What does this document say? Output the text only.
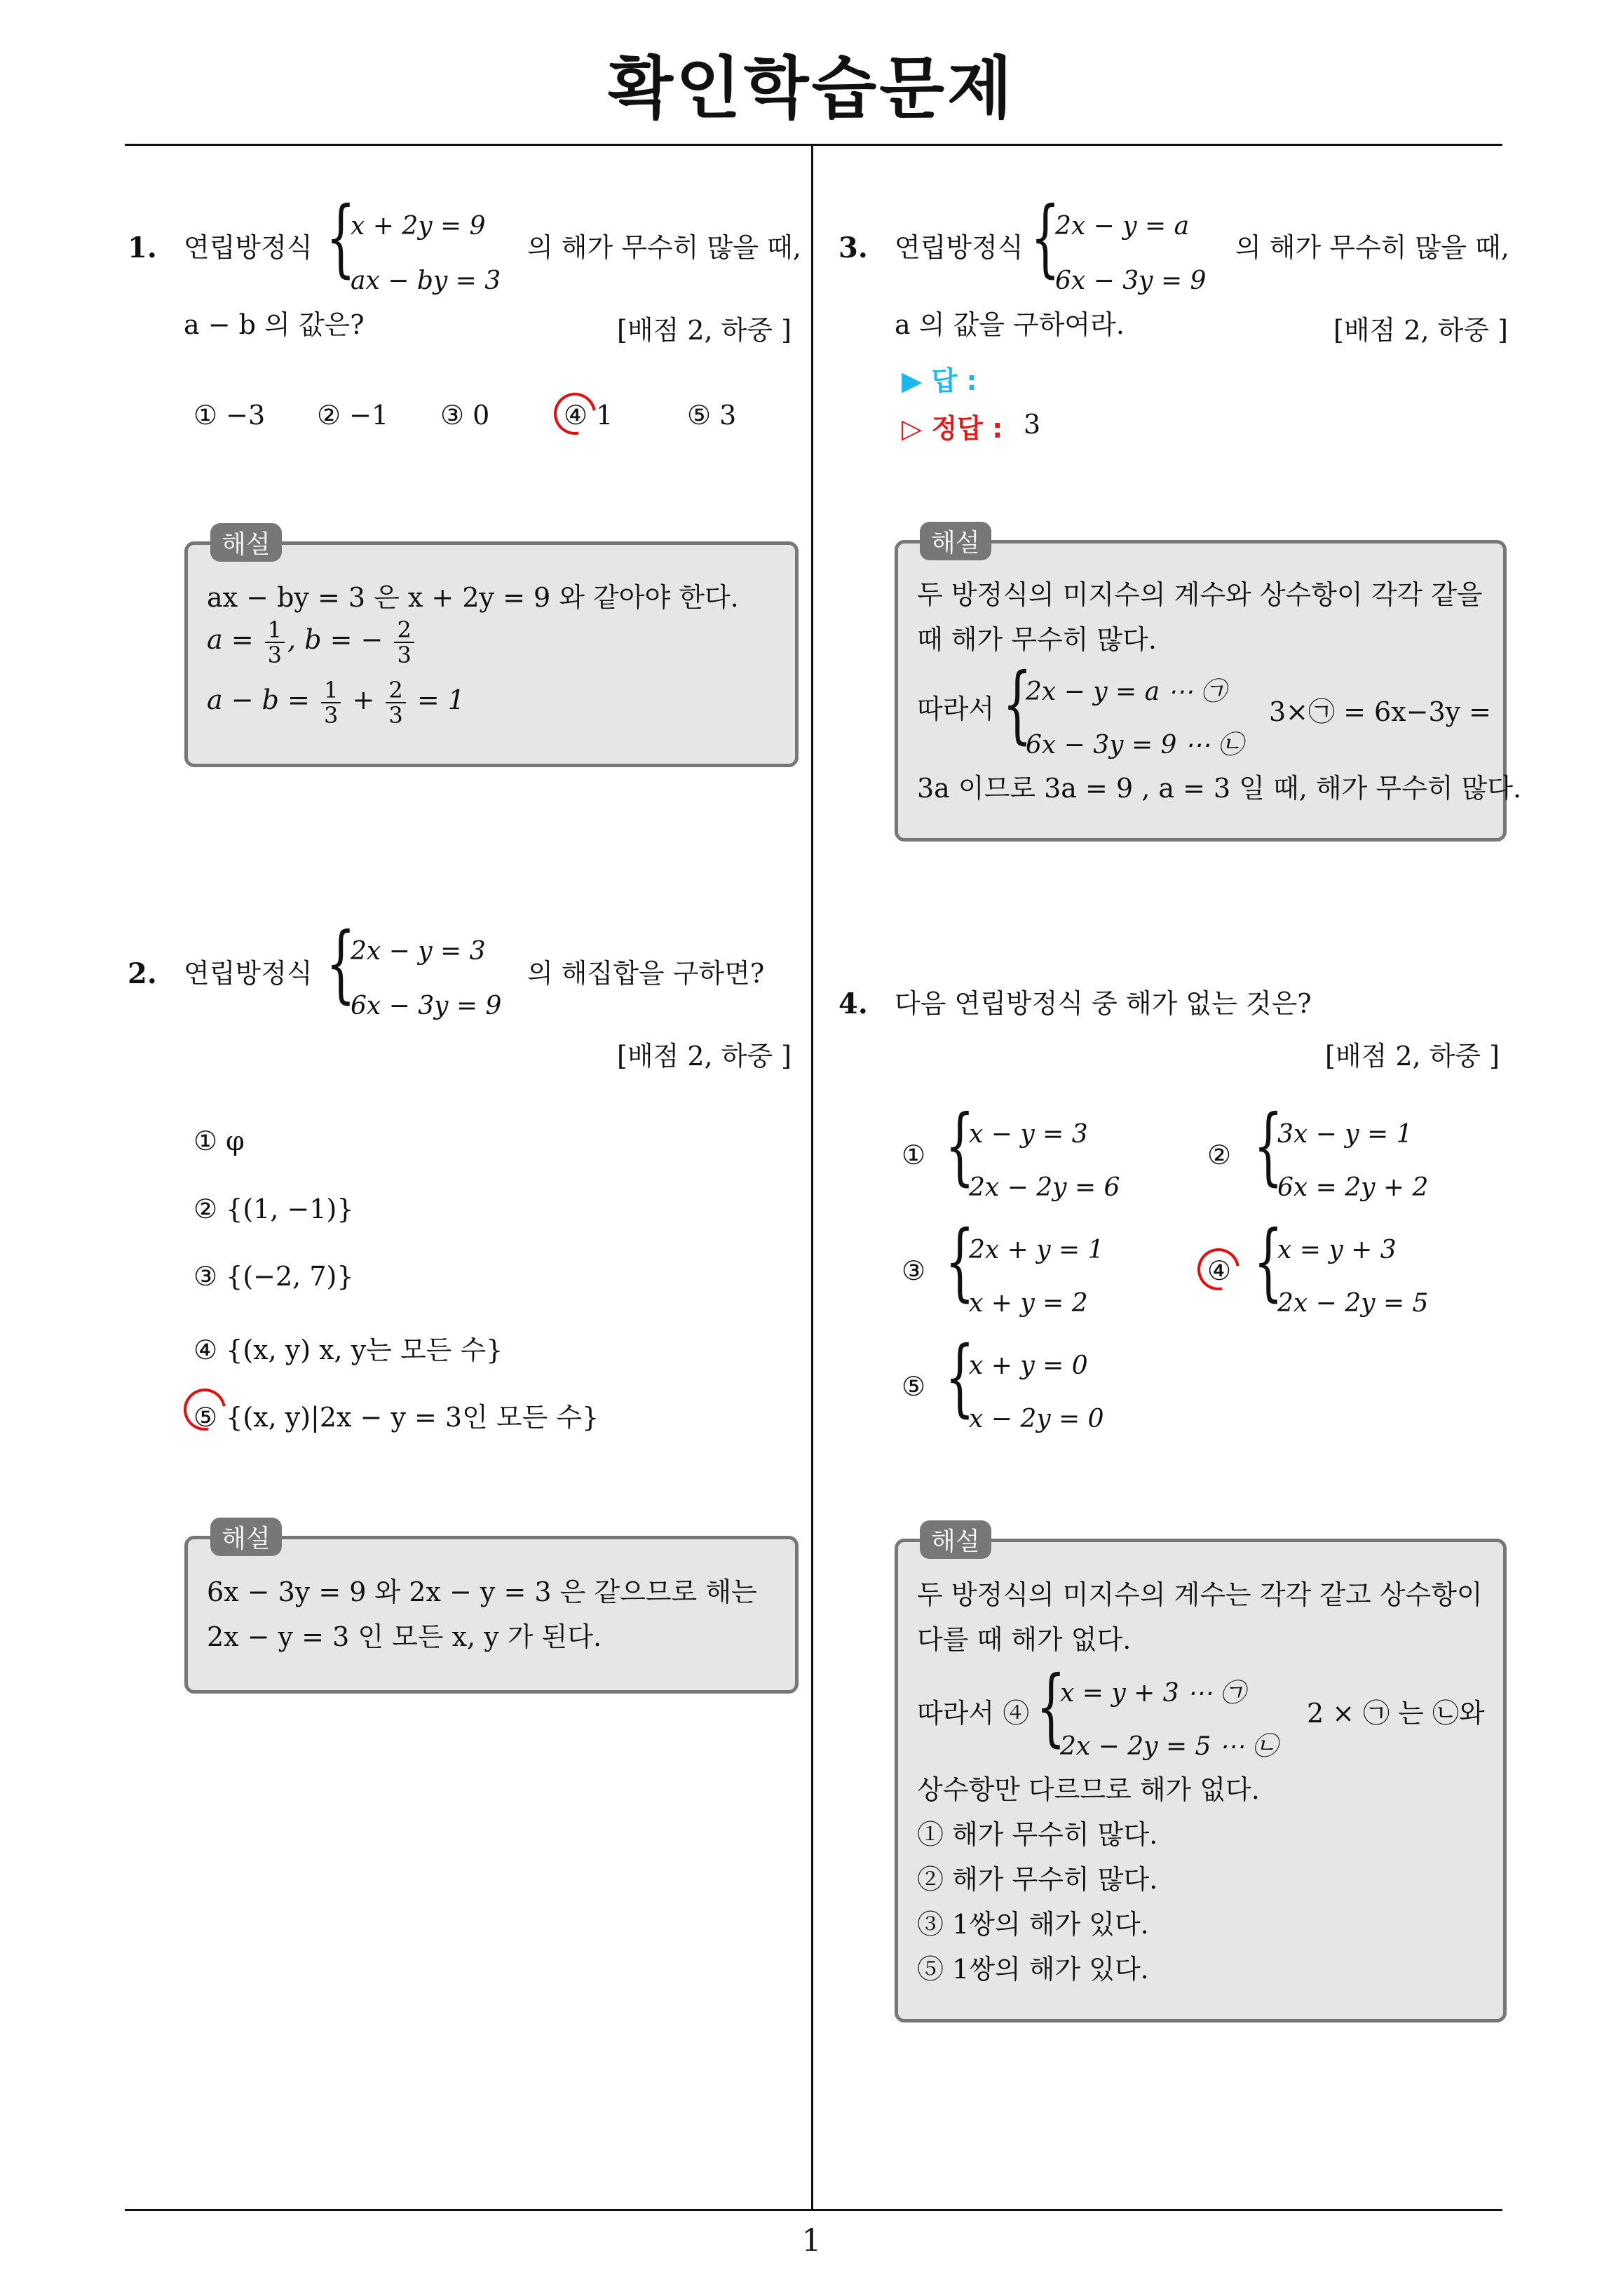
확인학습문제
1
1. 연립방정식 {
x + 2y = 9
ax − by = 3
의 해가 무수히 많을 때,
a − b 의 값은?	[배점 2, 하중 ]
① −3 ② −1 ③ 0	④ 1	⑤ 3
해설
ax − by = 3 은 x + 2y = 9 와 같아야 한다.
$a = \frac{1}{3}$ , b = − $\frac{2}{3}$
$a - b = \frac{1}{3} + \frac{2}{3} = 1$
2. 연립방정식 {
2x − y = 3
6x − 3y = 9
의 해집합을 구하면?
[배점 2, 하중 ]
① φ
② {(1, −1)}
③ {(−2, 7)}
④ {(x, y) x, y는 모든 수}
⑤ {(x, y)|2x − y = 3인 모든 수}
해설
6x − 3y = 9 와 2x − y = 3 은 같으므로 해는
2x − y = 3 인 모든 x, y 가 된다.
3. 연립방정식 {
2x − y = a
6x − 3y = 9
의 해가 무수히 많을 때,
a 의 값을 구하여라.	[배점 2, 하중 ]
▶ 답 :
▷ 정답 : 3
해설
두 방정식의 미지수의 계수와 상수항이 각각 같을
때 해가 무수히 많다.
따라서 {
2x − y = a ⋯ ㉠
6x − 3y = 9 ⋯ ㉡
3×㉠ = 6x−3y =
3a 이므로 3a = 9 , a = 3 일 때, 해가 무수히 많다.
4. 다음 연립방정식 중 해가 없는 것은?
[배점 2, 하중 ]
① {
x − y = 3
2x − 2y = 6
② {
3x − y = 1
6x = 2y + 2
③ {
2x + y = 1
x + y = 2
④ {
x = y + 3
2x − 2y = 5
⑤ {
x + y = 0
x − 2y = 0
해설
두 방정식의 미지수의 계수는 각각 같고 상수항이
다를 때 해가 없다.
따라서 ④ {
x = y + 3 ⋯ ㉠
2x − 2y = 5 ⋯ ㉡
2 × ㉠ 는 ㉡와
상수항만 다르므로 해가 없다.
① 해가 무수히 많다.
② 해가 무수히 많다.
③ 1쌍의 해가 있다.
⑤ 1쌍의 해가 있다.
